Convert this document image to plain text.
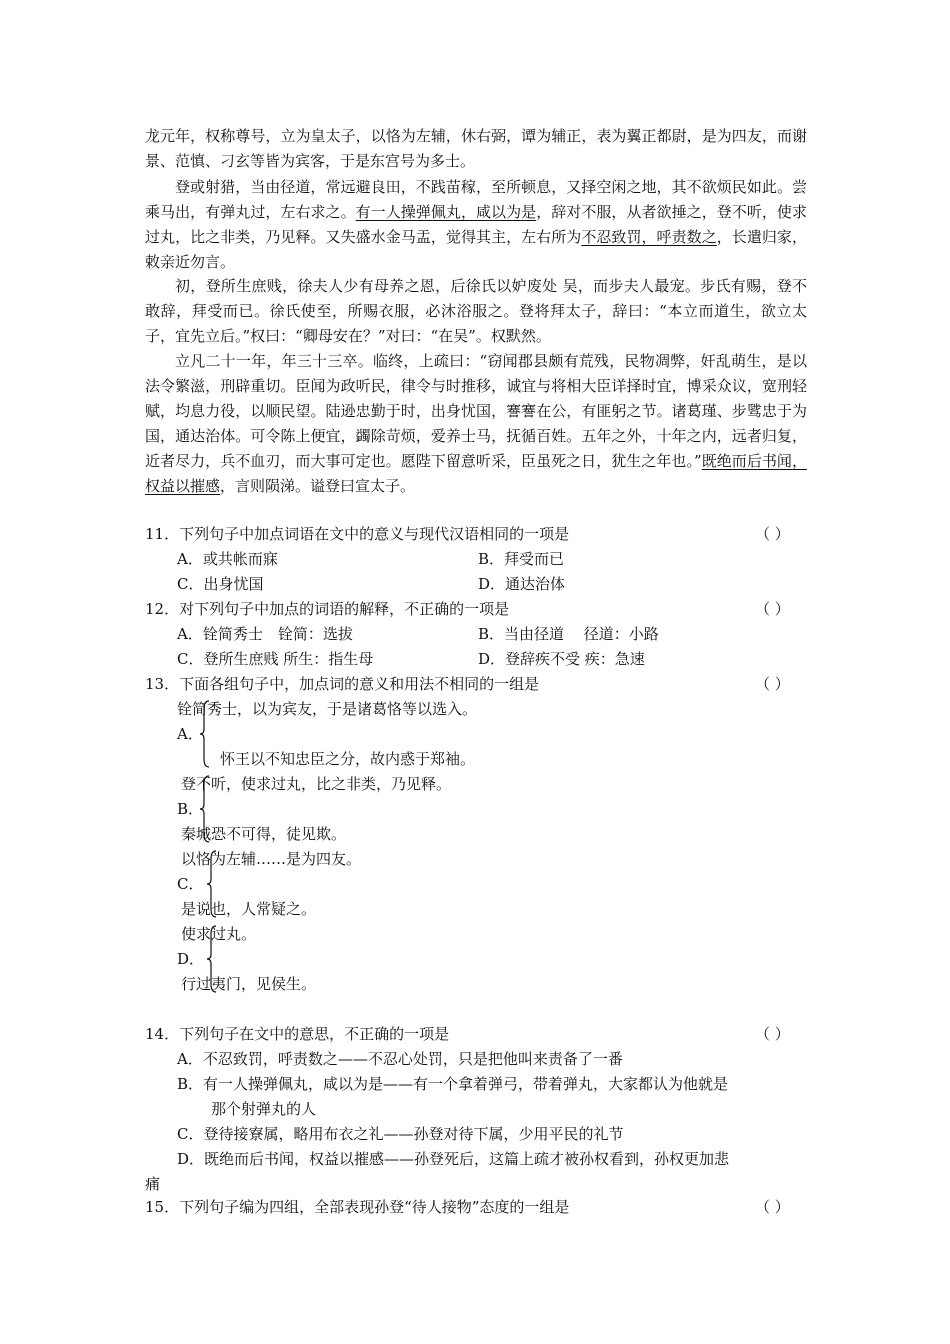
龙元年，权称尊号，立为皇太子，以恪为左辅，休右弼，谭为辅正，表为翼正都尉，是为四友，而谢景、范慎、刁玄等皆为宾客，于是东宫号为多士。
登或射猎，当由径道，常远避良田，不践苗稼，至所顿息，又择空闲之地，其不欲烦民如此。尝乘马出，有弹丸过，左右求之。有一人操弹佩丸，咸以为是，辞对不服，从者欲捶之，登不听，使求过丸，比之非类，乃见释。又失盛水金马盂，觉得其主，左右所为不忍致罚，呼责数之，长遣归家，敕亲近勿言。
初，登所生庶贱，徐夫人少有母养之恩，后徐氏以妒废处 吴，而步夫人最宠。步氏有赐，登不敢辞，拜受而已。徐氏使至，所赐衣服，必沐浴服之。登将拜太子，辞曰：“本立而道生，欲立太子，宜先立后。”权曰：“卿母安在？”对曰：“在吴”。权默然。
立凡二十一年，年三十三卒。临终，上疏曰：“窃闻郡县颇有荒残，民物凋弊，奸乱萌生，是以法令繁滋，刑辟重切。臣闻为政听民，律令与时推移，诚宜与将相大臣详择时宜，博采众议，宽刑轻赋，均息力役，以顺民望。陆逊忠勤于时，出身忧国，謇謇在公，有匪躬之节。诸葛瑾、步骘忠于为国，通达治体。可令陈上便宜，蠲除苛烦，爱养士马，抚循百姓。五年之外，十年之内，远者归复，近者尽力，兵不血刃，而大事可定也。愿陛下留意听采，臣虽死之日，犹生之年也。”既绝而后书闻，权益以摧感，言则陨涕。谥登曰宣太子。
11．下列句子中加点词语在文中的意义与现代汉语相同的一项是	（ ）
A．或共帐而寐	B．拜受而已
C．出身忧国	D．通达治体
12．对下列句子中加点的词语的解释，不正确的一项是	（ ）
A．铨简秀士　铨简：选拔	B．当由径道　 径道：小路
C．登所生庶贱 所生：指生母	D．登辞疾不受 疾：急速
13．下面各组句子中，加点词的意义和用法不相同的一组是	（ ）
铨简秀士，以为宾友，于是诸葛恪等以选入。
A．
怀王以不知忠臣之分，故内惑于郑袖。
登不听，使求过丸，比之非类，乃见释。
B．
秦城恐不可得，徒见欺。
以恪为左辅……是为四友。
C．
是说也，人常疑之。
使求过丸。
D．
行过夷门，见侯生。
14．下列句子在文中的意思，不正确的一项是	（ ）
A．不忍致罚，呼责数之——不忍心处罚，只是把他叫来责备了一番
B．有一人操弹佩丸，咸以为是——有一个拿着弹弓，带着弹丸，大家都认为他就是
那个射弹丸的人
C．登待接寮属，略用布衣之礼——孙登对待下属，少用平民的礼节
D．既绝而后书闻，权益以摧感——孙登死后，这篇上疏才被孙权看到，孙权更加悲
痛
15．下列句子编为四组，全部表现孙登“待人接物”态度的一组是	（ ）
